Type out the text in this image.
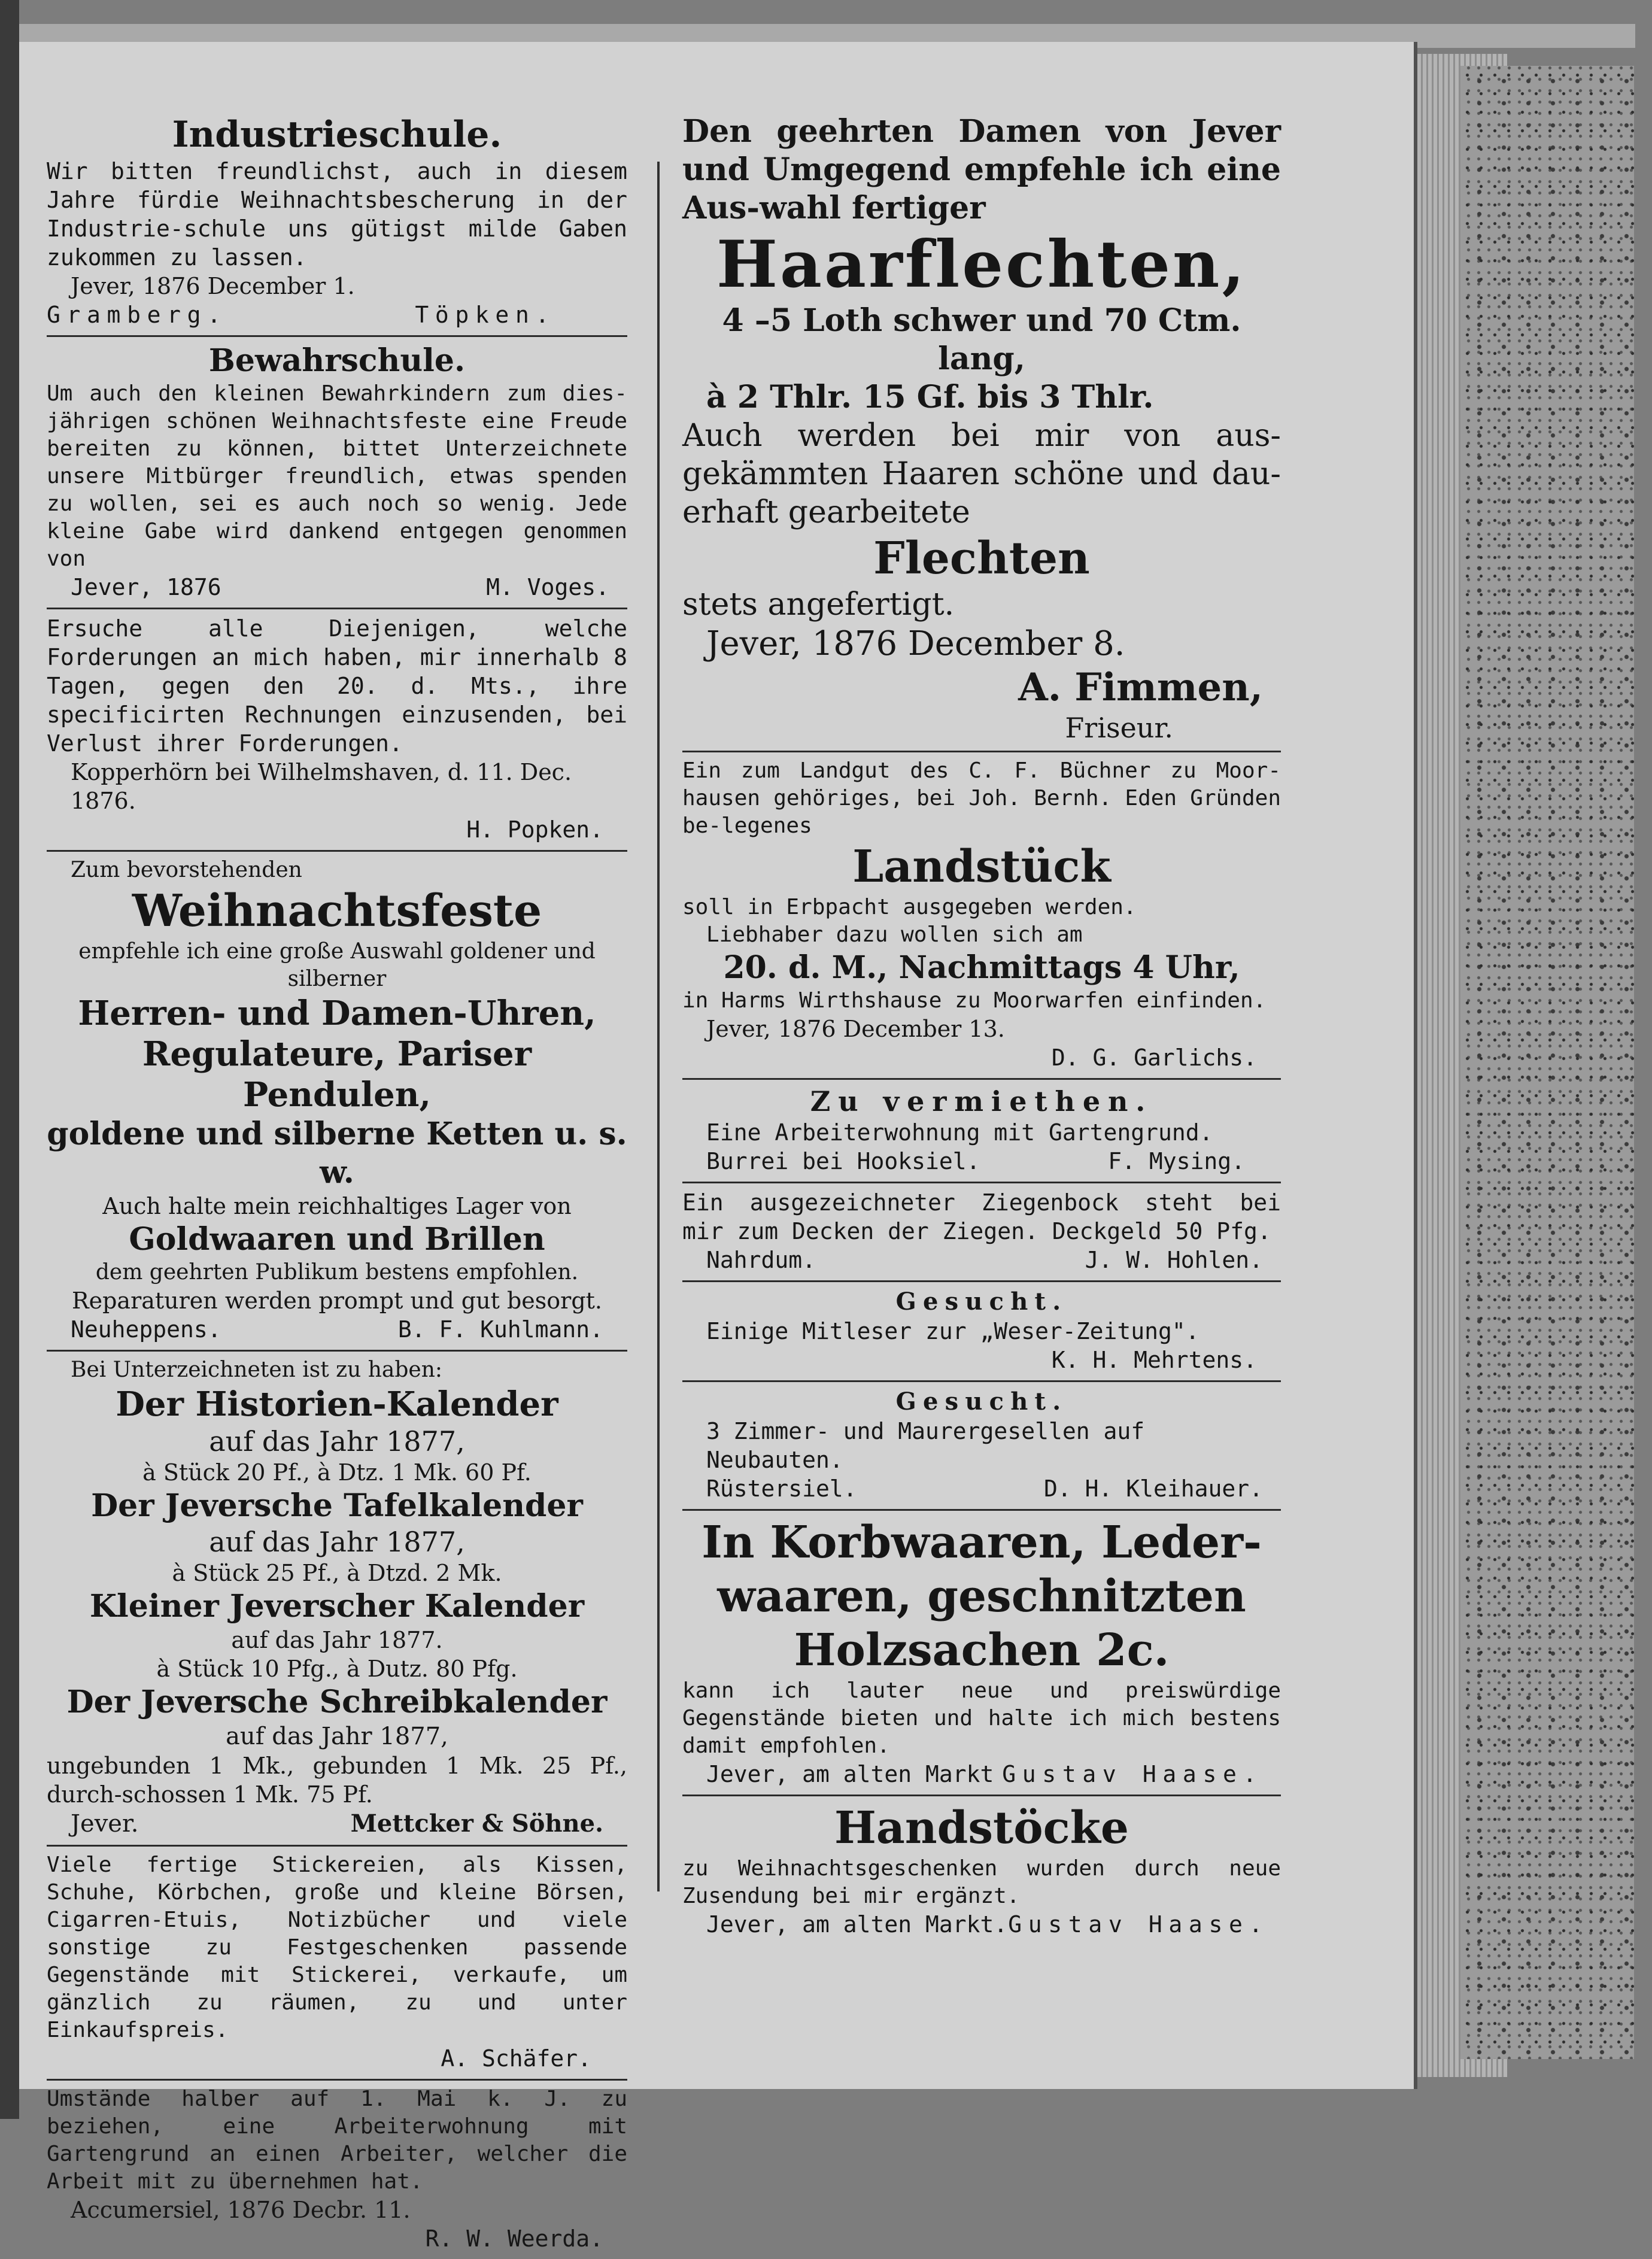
Industrieschule.
Wir bitten freundlichst, auch in diesem Jahre fürdie Weihnachtsbescherung in der Industrie-schule uns gütigst milde Gaben zukommen zu lassen.
Jever, 1876 December 1.
Gramberg.	Töpken.
Bewahrschule.
Um auch den kleinen Bewahrkindern zum dies-jährigen schönen Weihnachtsfeste eine Freude bereiten zu können, bittet Unterzeichnete unsere Mitbürger freundlich, etwas spenden zu wollen, sei es auch noch so wenig. Jede kleine Gabe wird dankend entgegen genommen von
Jever, 1876	M. Voges.
Ersuche alle Diejenigen, welche Forderungen an mich haben, mir innerhalb 8 Tagen, gegen den 20. d. Mts., ihre specificirten Rechnungen einzusenden, bei Verlust ihrer Forderungen.
Kopperhörn bei Wilhelmshaven, d. 11. Dec. 1876.
H. Popken.
Zum bevorstehenden
Weihnachtsfeste
empfehle ich eine große Auswahl goldener und silberner
Herren- und Damen-Uhren,
Regulateure, Pariser Pendulen,
goldene und silberne Ketten u. s. w.
Auch halte mein reichhaltiges Lager von
Goldwaaren und Brillen
dem geehrten Publikum bestens empfohlen.
Reparaturen werden prompt und gut besorgt.
Neuheppens.	B. F. Kuhlmann.
Bei Unterzeichneten ist zu haben:
Der Historien-Kalender
auf das Jahr 1877,
à Stück 20 Pf., à Dtz. 1 Mk. 60 Pf.
Der Jeversche Tafelkalender
auf das Jahr 1877,
à Stück 25 Pf., à Dtzd. 2 Mk.
Kleiner Jeverscher Kalender
auf das Jahr 1877.
à Stück 10 Pfg., à Dutz. 80 Pfg.
Der Jeversche Schreibkalender
auf das Jahr 1877,
ungebunden 1 Mk., gebunden 1 Mk. 25 Pf., durch-schossen 1 Mk. 75 Pf.
Jever.	Mettcker & Söhne.
Viele fertige Stickereien, als Kissen, Schuhe, Körbchen, große und kleine Börsen, Cigarren-Etuis, Notizbücher und viele sonstige zu Festgeschenken passende Gegenstände mit Stickerei, verkaufe, um gänzlich zu räumen, zu und unter Einkaufspreis.
A. Schäfer.
Umstände halber auf 1. Mai k. J. zu beziehen, eine Arbeiterwohnung mit Gartengrund an einen Arbeiter, welcher die Arbeit mit zu übernehmen hat.
Accumersiel, 1876 Decbr. 11.
R. W. Weerda.
Den geehrten Damen von Jever und Umgegend empfehle ich eine Aus-wahl fertiger
Haarflechten,
4 –5 Loth schwer und 70 Ctm. lang,
à 2 Thlr. 15 Gf. bis 3 Thlr.
Auch werden bei mir von aus-gekämmten Haaren schöne und dau-erhaft gearbeitete
Flechten
stets angefertigt.
Jever, 1876 December 8.
A. Fimmen,
Friseur.
Ein zum Landgut des C. F. Büchner zu Moor-hausen gehöriges, bei Joh. Bernh. Eden Gründen be-legenes
Landstück
soll in Erbpacht ausgegeben werden.
Liebhaber dazu wollen sich am
20. d. M., Nachmittags 4 Uhr,
in Harms Wirthshause zu Moorwarfen einfinden.
Jever, 1876 December 13.
D. G. Garlichs.
Zu vermiethen.
Eine Arbeiterwohnung mit Gartengrund.
Burrei bei Hooksiel.	F. Mysing.
Ein ausgezeichneter Ziegenbock steht bei mir zum Decken der Ziegen. Deckgeld 50 Pfg.
Nahrdum.	J. W. Hohlen.
Gesucht.
Einige Mitleser zur „Weser-Zeitung".
K. H. Mehrtens.
Gesucht.
3 Zimmer- und Maurergesellen auf Neubauten.
Rüstersiel.	D. H. Kleihauer.
In Korbwaaren, Leder-waaren, geschnitzten Holzsachen 2c.
kann ich lauter neue und preiswürdige Gegenstände bieten und halte ich mich bestens damit empfohlen.
Jever, am alten Markt Gustav Haase.
Handstöcke
zu Weihnachtsgeschenken wurden durch neue Zusendung bei mir ergänzt.
Jever, am alten Markt. Gustav Haase.
